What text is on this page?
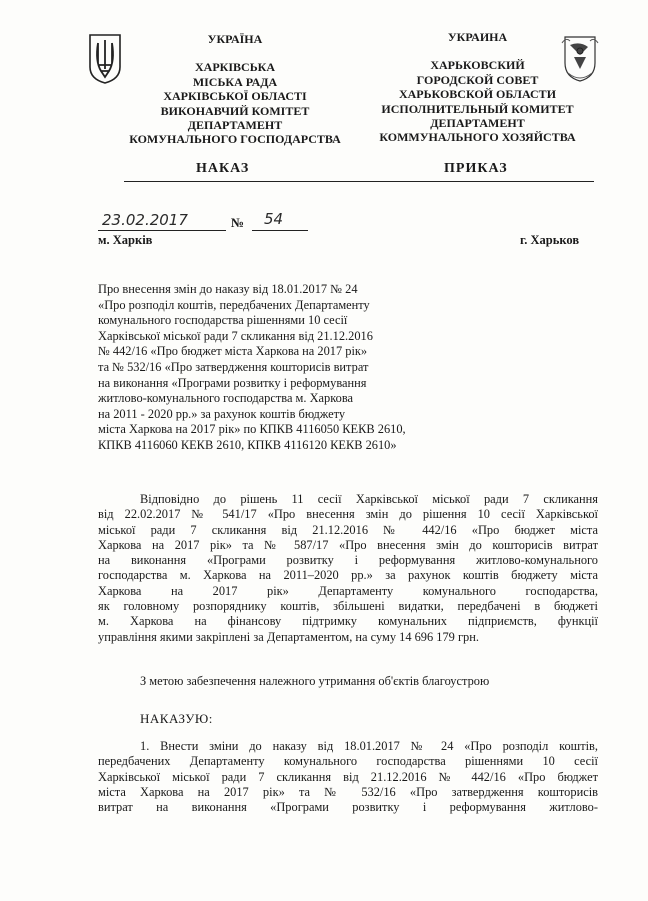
УКРАЇНА
ХАРКІВСЬКА
МІСЬКА РАДА
ХАРКІВСЬКОЇ ОБЛАСТІ
ВИКОНАВЧИЙ КОМІТЕТ
ДЕПАРТАМЕНТ
КОМУНАЛЬНОГО ГОСПОДАРСТВА
УКРАИНА
ХАРЬКОВСКИЙ
ГОРОДСКОЙ СОВЕТ
ХАРЬКОВСКОЙ ОБЛАСТИ
ИСПОЛНИТЕЛЬНЫЙ КОМИТЕТ
ДЕПАРТАМЕНТ
КОММУНАЛЬНОГО ХОЗЯЙСТВА
НАКАЗ	ПРИКАЗ
23.02.2017	№ 54
м. Харків	г. Харьков
Про внесення змін до наказу від 18.01.2017 № 24
«Про розподіл коштів, передбачених Департаменту
комунального господарства рішеннями 10 сесії
Харківської міської ради 7 скликання від 21.12.2016
№ 442/16 «Про бюджет міста Харкова на 2017 рік»
та № 532/16 «Про затвердження кошторисів витрат
на виконання «Програми розвитку і реформування
житлово-комунального господарства м. Харкова
на 2011 - 2020 рр.» за рахунок коштів бюджету
міста Харкова на 2017 рік» по КПКВ 4116050 КЕКВ 2610,
КПКВ 4116060 КЕКВ 2610, КПКВ 4116120 КЕКВ 2610»
Відповідно до рішень 11 сесії Харківської міської ради 7 скликання
від 22.02.2017 № 541/17 «Про внесення змін до рішення 10 сесії Харківської
міської ради 7 скликання від 21.12.2016 № 442/16 «Про бюджет міста
Харкова на 2017 рік» та № 587/17 «Про внесення змін до кошторисів витрат
на виконання «Програми розвитку і реформування житлово-комунального
господарства м. Харкова на 2011–2020 рр.» за рахунок коштів бюджету міста
Харкова на 2017 рік» Департаменту комунального господарства,
як головному розпоряднику коштів, збільшені видатки, передбачені в бюджеті
м. Харкова на фінансову підтримку комунальних підприємств, функції
управління якими закріплені за Департаментом, на суму 14 696 179 грн.
З метою забезпечення належного утримання об'єктів благоустрою
НАКАЗУЮ:
1. Внести зміни до наказу від 18.01.2017 № 24 «Про розподіл коштів,
передбачених Департаменту комунального господарства рішеннями 10 сесії
Харківської міської ради 7 скликання від 21.12.2016 № 442/16 «Про бюджет
міста Харкова на 2017 рік» та № 532/16 «Про затвердження кошторисів
витрат на виконання «Програми розвитку і реформування житлово-
